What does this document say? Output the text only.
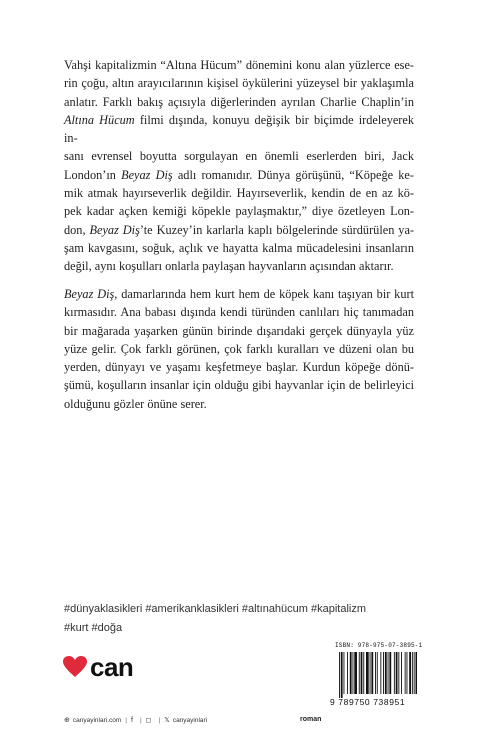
Vahşi kapitalizmin “Altına Hücum” dönemini konu alan yüzlerce ese-
rin çoğu, altın arayıcılarının kişisel öykülerini yüzeysel bir yaklaşımla
anlatır. Farklı bakış açısıyla diğerlerinden ayrılan Charlie Chaplin’in
Altına Hücum filmi dışında, konuyu değişik bir biçimde irdeleyerek in-
sanı evrensel boyutta sorgulayan en önemli eserlerden biri, Jack
London’ın Beyaz Diş adlı romanıdır. Dünya görüşünü, “Köpeğe ke-
mik atmak hayırseverlik değildir. Hayırseverlik, kendin de en az kö-
pek kadar açken kemiği köpekle paylaşmaktır,” diye özetleyen Lon-
don, Beyaz Diş’te Kuzey’in karlarla kaplı bölgelerinde sürdürülen ya-
şam kavgasını, soğuk, açlık ve hayatta kalma mücadelesini insanların
değil, aynı koşulları onlarla paylaşan hayvanların açısından aktarır.
Beyaz Diş, damarlarında hem kurt hem de köpek kanı taşıyan bir kurt
kırmasıdır. Ana babası dışında kendi türünden canlıları hiç tanımadan
bir mağarada yaşarken günün birinde dışarıdaki gerçek dünyayla yüz
yüze gelir. Çok farklı görünen, çok farklı kuralları ve düzeni olan bu
yerden, dünyayı ve yaşamı keşfetmeye başlar. Kurdun köpeğe dönü-
şümü, koşulların insanlar için olduğu gibi hayvanlar için de belirleyici
olduğunu gözler önüne serer.
#dünyaklasikleri #amerikanklasikleri #altınahücum #kapitalizm
#kurt #doğa
can
⊕ canyayinlari.com | f | ◻ | 𝕏 canyayinlari	roman
ISBN: 978-975-07-3895-1
9 789750 738951
